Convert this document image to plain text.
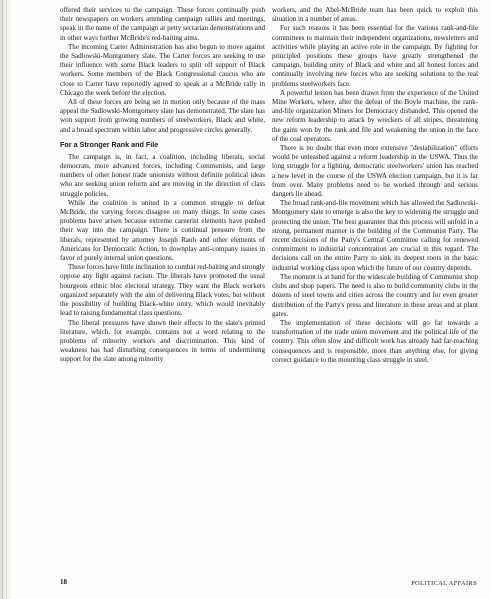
offered their services to the campaign. These forces continually push their newspapers on workers attending campaign rallies and meetings, speak in the name of the campaign at petty sectarian demonstrations and in other ways further McBride's red-baiting aims.

The incoming Carter Administration has also begun to move against the Sadlowski-Montgomery slate. The Carter forces are seeking to use their influence with some Black leaders to split off support of Black workers. Some members of the Black Congressional caucus who are close to Carter have reportedly agreed to speak at a McBride rally in Chicago the week before the election.

All of these forces are being set in motion only because of the mass appeal the Sadlowski-Montgomery slate has demonstrated. The slate has won support from growing numbers of steelworkers, Black and white, and a broad spectrum within labor and progressive circles generally.

For a Stronger Rank and File

The campaign is, in fact, a coalition, including liberals, social democrats, more advanced forces, including Communists, and large numbers of other honest trade unionists without definite political ideas who are seeking union reform and are moving in the direction of class struggle policies.

While the coalition is united in a common struggle to defeat McBride, the varying forces disagree on many things. In some cases problems have arisen because extreme careerist elements have pushed their way into the campaign. There is continual pressure from the liberals, represented by attorney Joseph Rauh and other elements of Americans for Democratic Action, to downplay anti-company issues in favor of purely internal union questions.

These forces have little inclination to combat red-baiting and strongly oppose any fight against racism. The liberals have promoted the usual bourgeois ethnic bloc electoral strategy. They want the Black workers organized separately with the aim of delivering Black votes, but without the possibility of building Black-white unity, which would inevitably lead to raising fundamental class questions.

The liberal pressures have shown their effects in the slate's printed literature, which, for example, contains not a word relating to the problems of minority workers and discrimination. This kind of weakness has had disturbing consequences in terms of undermining support for the slate among minority

workers, and the Abel-McBride team has been quick to exploit this situation in a number of areas.

For such reasons it has been essential for the various rank-and-file committees to maintain their independent organizations, newsletters and activities while playing an active role in the campaign. By fighting for principled positions these groups have greatly strengthened the campaign, building unity of Black and white and all honest forces and continually involving new forces who are seeking solutions to the real problems steelworkers face.

A powerful lesson has been drawn from the experience of the United Mine Workers, where, after the defeat of the Boyle machine, the rank-and-file organization Miners for Democracy disbanded. This opened the new reform leadership to attack by wreckers of all stripes, threatening the gains won by the rank and file and weakening the union in the face of the coal operators.

There is no doubt that even more extensive "destabilization" efforts would be unleashed against a reform leadership in the USWA. Thus the long struggle for a fighting, democratic steelworkers' union has reached a new level in the course of the USWA election campaign, but it is far from over. Many problems need to be worked through and serious dangers lie ahead.

The broad rank-and-file movement which has allowed the Sadlowski-Montgomery slate to emerge is also the key to widening the struggle and protecting the union. The best guarantee that this process will unfold in a strong, permanent manner is the building of the Communist Party. The recent decisions of the Party's Central Committee calling for renewed commitment to industrial concentration are crucial in this regard. The decisions call on the entire Party to sink its deepest roots in the basic industrial working class upon which the future of our country depends.

The moment is at hand for the widescale building of Communist shop clubs and shop papers. The need is also to build community clubs in the dozens of steel towns and cities across the country and for even greater distribution of the Party's press and literature in these areas and at plant gates.

The implementation of these decisions will go far towards a transformation of the trade union movement and the political life of the country. This often slow and difficult work has already had far-reaching consequences and is responsible, more than anything else, for giving correct guidance to the mounting class struggle in steel.

18	POLITICAL AFFAIRS
